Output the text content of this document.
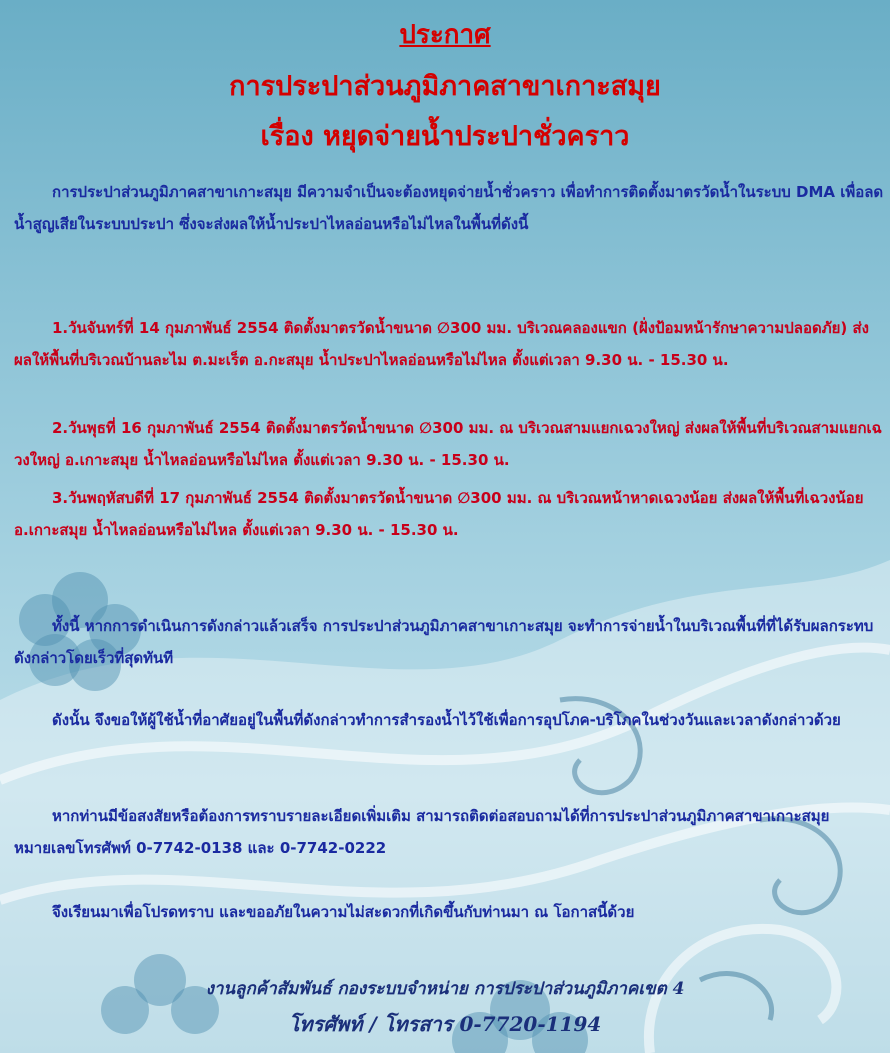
ประกาศ
การประปาส่วนภูมิภาคสาขาเกาะสมุย
เรื่อง หยุดจ่ายน้ำประปาชั่วคราว

การประปาส่วนภูมิภาคสาขาเกาะสมุย มีความจำเป็นจะต้องหยุดจ่ายน้ำชั่วคราว เพื่อทำการติดตั้งมาตรวัดน้ำในระบบ DMA เพื่อลดน้ำสูญเสียในระบบประปา ซึ่งจะส่งผลให้น้ำประปาไหลอ่อนหรือไม่ไหลในพื้นที่ดังนี้

1.วันจันทร์ที่ 14 กุมภาพันธ์ 2554 ติดตั้งมาตรวัดน้ำขนาด ∅300 มม. บริเวณคลองแขก (ฝั่งป้อมหน้ารักษาความปลอดภัย) ส่งผลให้พื้นที่บริเวณบ้านละไม ต.มะเร็ต อ.กะสมุย น้ำประปาไหลอ่อนหรือไม่ไหล ตั้งแต่เวลา 9.30 น. - 15.30 น.

2.วันพุธที่ 16 กุมภาพันธ์ 2554 ติดตั้งมาตรวัดน้ำขนาด ∅300 มม. ณ บริเวณสามแยกเฉวงใหญ่ ส่งผลให้พื้นที่บริเวณสามแยกเฉวงใหญ่ อ.เกาะสมุย น้ำไหลอ่อนหรือไม่ไหล ตั้งแต่เวลา 9.30 น. - 15.30 น.

3.วันพฤหัสบดีที่ 17 กุมภาพันธ์ 2554 ติดตั้งมาตรวัดน้ำขนาด ∅300 มม. ณ บริเวณหน้าหาดเฉวงน้อย ส่งผลให้พื้นที่เฉวงน้อย อ.เกาะสมุย น้ำไหลอ่อนหรือไม่ไหล ตั้งแต่เวลา 9.30 น. - 15.30 น.

ทั้งนี้ หากการดำเนินการดังกล่าวแล้วเสร็จ การประปาส่วนภูมิภาคสาขาเกาะสมุย จะทำการจ่ายน้ำในบริเวณพื้นที่ที่ได้รับผลกระทบดังกล่าวโดยเร็วที่สุดทันที

ดังนั้น จึงขอให้ผู้ใช้น้ำที่อาศัยอยู่ในพื้นที่ดังกล่าวทำการสำรองน้ำไว้ใช้เพื่อการอุปโภค-บริโภคในช่วงวันและเวลาดังกล่าวด้วย

หากท่านมีข้อสงสัยหรือต้องการทราบรายละเอียดเพิ่มเติม สามารถติดต่อสอบถามได้ที่การประปาส่วนภูมิภาคสาขาเกาะสมุย หมายเลขโทรศัพท์ 0-7742-0138 และ 0-7742-0222

จึงเรียนมาเพื่อโปรดทราบ และขออภัยในความไม่สะดวกที่เกิดขึ้นกับท่านมา ณ โอกาสนี้ด้วย

งานลูกค้าสัมพันธ์ กองระบบจำหน่าย การประปาส่วนภูมิภาคเขต 4
โทรศัพท์ / โทรสาร 0-7720-1194
